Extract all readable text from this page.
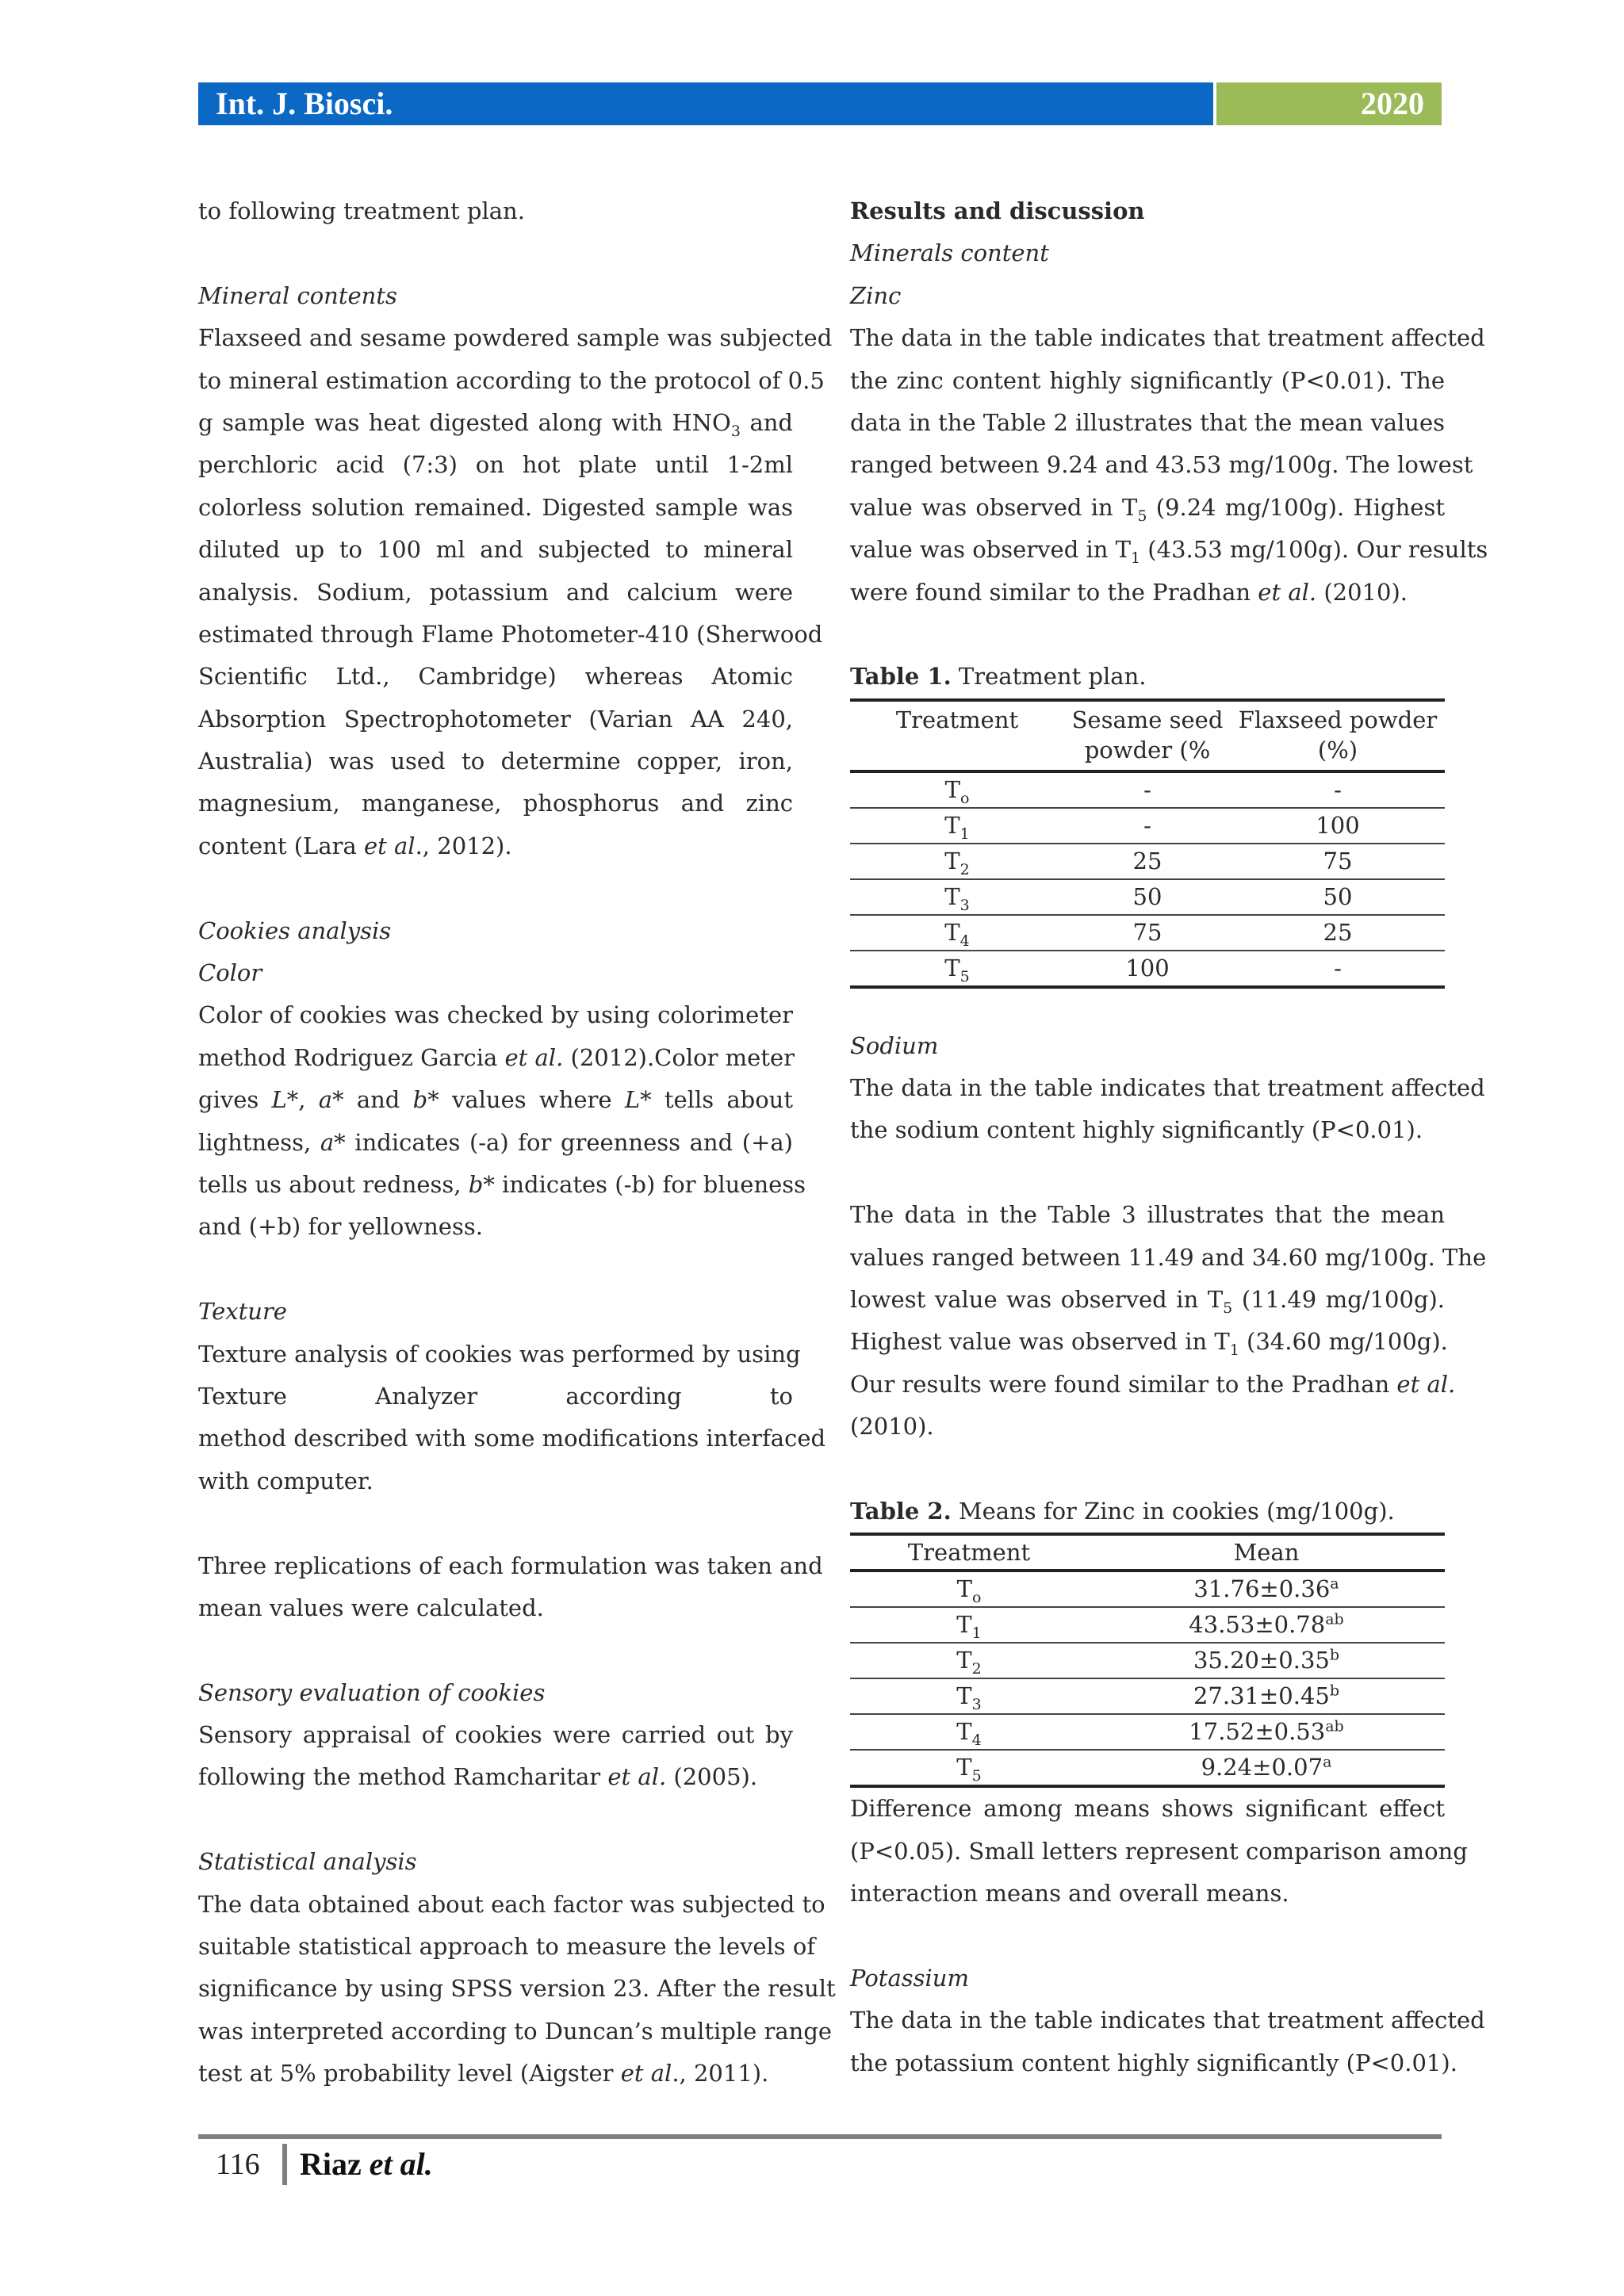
Int. J. Biosci.	2020
to following treatment plan.
Mineral contents
Flaxseed and sesame powdered sample was subjected
to mineral estimation according to the protocol of 0.5
g sample was heat digested along with $HNO_3$ and
perchloric acid (7:3) on hot plate until 1-2ml
colorless solution remained. Digested sample was
diluted up to 100 ml and subjected to mineral
analysis. Sodium, potassium and calcium were
estimated through Flame Photometer-410 (Sherwood
Scientific Ltd., Cambridge) whereas Atomic
Absorption Spectrophotometer (Varian AA 240,
Australia) was used to determine copper, iron,
magnesium, manganese, phosphorus and zinc
content (Lara et al., 2012).
Cookies analysis
Color
Color of cookies was checked by using colorimeter
method Rodriguez Garcia et al. (2012).Color meter
gives L*, a* and b* values where L* tells about
lightness, a* indicates (-a) for greenness and (+a)
tells us about redness, b* indicates (-b) for blueness
and (+b) for yellowness.
Texture
Texture analysis of cookies was performed by using
Texture Analyzer according to
method described with some modifications interfaced
with computer.
Three replications of each formulation was taken and
mean values were calculated.
Sensory evaluation of cookies
Sensory appraisal of cookies were carried out by
following the method Ramcharitar et al. (2005).
Statistical analysis
The data obtained about each factor was subjected to
suitable statistical approach to measure the levels of
significance by using SPSS version 23. After the result
was interpreted according to Duncan’s multiple range
test at 5% probability level (Aigster et al., 2011).
Results and discussion
Minerals content
Zinc
The data in the table indicates that treatment affected
the zinc content highly significantly (P<0.01). The
data in the Table 2 illustrates that the mean values
ranged between 9.24 and 43.53 mg/100g. The lowest
value was observed in $T_5$ (9.24 mg/100g). Highest
value was observed in $T_1$ (43.53 mg/100g). Our results
were found similar to the Pradhan et al. (2010).
Table 1. Treatment plan.
Treatment	Sesame seed powder (%	Flaxseed powder (%)
$T_o$	-	-
$T_1$	-	100
$T_2$	25	75
$T_3$	50	50
$T_4$	75	25
$T_5$	100	-
Sodium
The data in the table indicates that treatment affected
the sodium content highly significantly (P<0.01).
The data in the Table 3 illustrates that the mean
values ranged between 11.49 and 34.60 mg/100g. The
lowest value was observed in $T_5$ (11.49 mg/100g).
Highest value was observed in $T_1$ (34.60 mg/100g).
Our results were found similar to the Pradhan et al.
(2010).
Table 2. Means for Zinc in cookies (mg/100g).
Treatment	Mean
$T_o$	31.76±0.36$^a$
$T_1$	43.53±0.78$^{ab}$
$T_2$	35.20±0.35$^b$
$T_3$	27.31±0.45$^b$
$T_4$	17.52±0.53$^{ab}$
$T_5$	9.24±0.07$^a$
Difference among means shows significant effect
(P<0.05). Small letters represent comparison among
interaction means and overall means.
Potassium
The data in the table indicates that treatment affected
the potassium content highly significantly (P<0.01).
116 Riaz et al.
